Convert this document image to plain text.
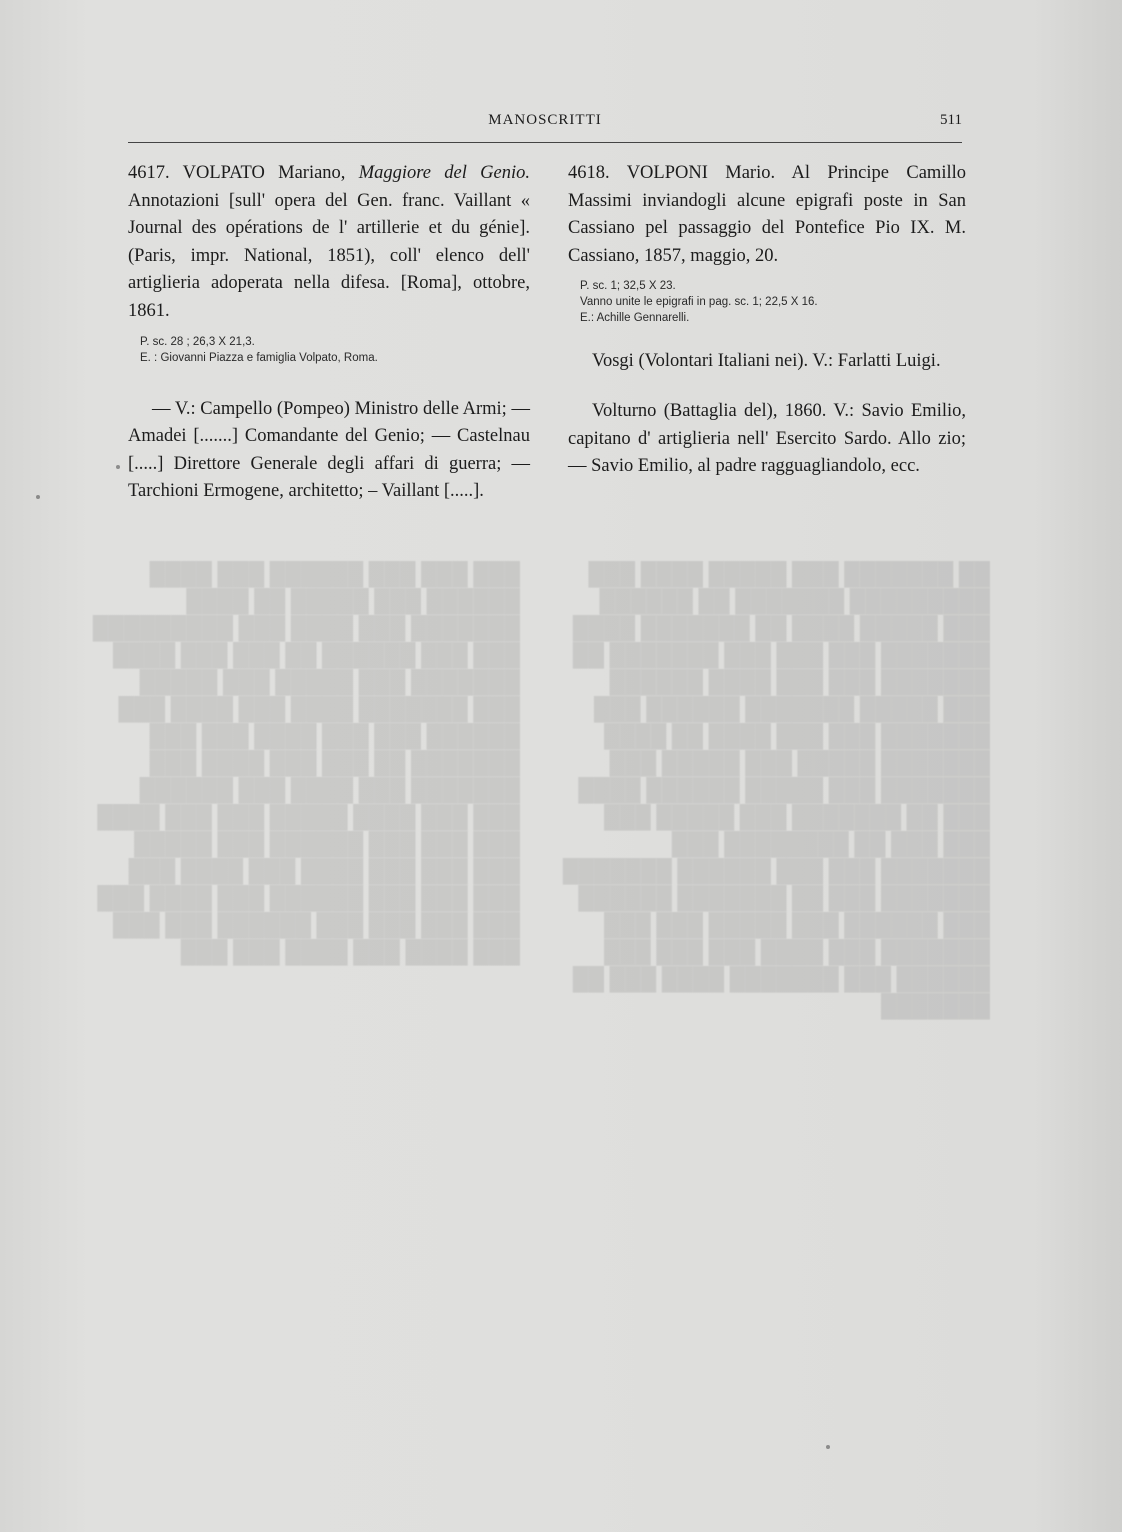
██ ███████ ███ █████ ████ ███ █████████ ███████ ██ ██████ ███ █████ ████ ██ ███████ ████ ███████ ███ ███ ███ ███████ ██ ███████ ███ ███ ████ ██████ ███ █████ ███████ ██████ ███ ███████ ███ ███ ████ ██ ████ ███████ █████ ███ █████ ███ ███████ ███ █████ ██████ ████ ███ ██ ███████ ███ █████ ███ ███ ███ ██ ████████ ███ ███████ ███ ███ ██████ ███████ ███████ ███ ██ ███████ ██████ ███ ██████ ███ █████ ███ ███ ███████ ███ ████ ███ ███ ███ ██████ ███ ███████ ████ ███ ██ ███████
███ ███ ███ ██████ ███ ████ ██████ ███ █████ ██ ████ ███████ ███ ████ ███ █████████ ███ ███ ██████ ██ ███ ███ ████ ███████ ███ █████ ███ █████ ███ ███████ ████ ███ ████ ███ ██████ ███ ███ ████ ███ ███ ███████ ██ ███ ███ ████ ███ ███████ ███ ████ ███ ██████ ███ ███ ████ █████ ███ ███ ████ ███ ███ ███ ██████ ███ █████ ███ ███ ███ ████ ███ ████ ███ ███ ███ ███ ██████ ███ ████ ███ ███ ███ ███ ███ ██████ ███ ███ ███ ████ ███ ████ ███ ███
MANOSCRITTI	511

4617. VOLPATO Mariano, Maggiore del Genio. Annotazioni [sull' opera del Gen. franc. Vaillant « Journal des opérations de l' artillerie et du génie]. (Paris, impr. National, 1851), coll' elenco dell' artiglieria adoperata nella difesa. [Roma], ottobre, 1861.

P. sc. 28 ; 26,3 X 21,3.

E. : Giovanni Piazza e famiglia Volpato, Roma.

— V.: Campello (Pompeo) Ministro delle Armi; — Amadei [.......] Comandante del Genio; — Castelnau [.....] Direttore Generale degli affari di guerra; — Tarchioni Ermogene, architetto; – Vaillant [.....].

4618. VOLPONI Mario. Al Principe Camillo Massimi inviandogli alcune epigrafi poste in San Cassiano pel passaggio del Pontefice Pio IX. M. Cassiano, 1857, maggio, 20.

P. sc. 1; 32,5 X 23.

Vanno unite le epigrafi in pag. sc. 1; 22,5 X 16.

E.: Achille Gennarelli.

Vosgi (Volontari Italiani nei). V.: Farlatti Luigi.

Volturno (Battaglia del), 1860. V.: Savio Emilio, capitano d' artiglieria nell' Esercito Sardo. Allo zio; — Savio Emilio, al padre ragguagliandolo, ecc.
